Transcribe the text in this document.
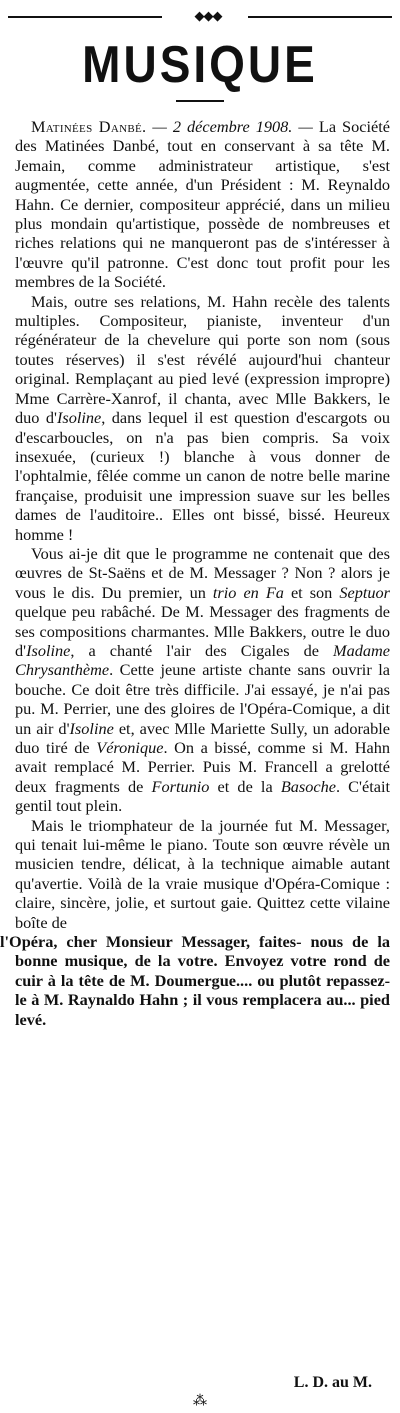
◆◆◆
MUSIQUE

Matinées Danbé. — 2 décembre 1908. — La Société des Matinées Danbé, tout en conservant à sa tête M. Jemain, comme administrateur artistique, s'est augmentée, cette année, d'un Président : M. Reynaldo Hahn. Ce dernier, compositeur apprécié, dans un milieu plus mondain qu'artistique, possède de nombreuses et riches relations qui ne manqueront pas de s'intéresser à l'œuvre qu'il patronne. C'est donc tout profit pour les membres de la Société.

Mais, outre ses relations, M. Hahn recèle des talents multiples. Compositeur, pianiste, inventeur d'un régénérateur de la chevelure qui porte son nom (sous toutes réserves) il s'est révélé aujourd'hui chanteur original. Remplaçant au pied levé (expression impropre) Mme Carrère-Xanrof, il chanta, avec Mlle Bakkers, le duo d'Isoline, dans lequel il est question d'escargots ou d'escarboucles, on n'a pas bien compris. Sa voix insexuée, (curieux !) blanche à vous donner de l'ophtalmie, fêlée comme un canon de notre belle marine française, produisit une impression suave sur les belles dames de l'auditoire.. Elles ont bissé, bissé. Heureux homme !

Vous ai-je dit que le programme ne contenait que des œuvres de St-Saëns et de M. Messager ? Non ? alors je vous le dis. Du premier, un trio en Fa et son Septuor quelque peu rabâché. De M. Messager des fragments de ses compositions charmantes. Mlle Bakkers, outre le duo d'Isoline, a chanté l'air des Cigales de Madame Chrysanthème. Cette jeune artiste chante sans ouvrir la bouche. Ce doit être très difficile. J'ai essayé, je n'ai pas pu. M. Perrier, une des gloires de l'Opéra-Comique, a dit un air d'Isoline et, avec Mlle Mariette Sully, un adorable duo tiré de Véronique. On a bissé, comme si M. Hahn avait remplacé M. Perrier. Puis M. Francell a grelotté deux fragments de Fortunio et de la Basoche. C'était gentil tout plein.

Mais le triomphateur de la journée fut M. Messager, qui tenait lui-même le piano. Toute son œuvre révèle un musicien tendre, délicat, à la technique aimable autant qu'avertie. Voilà de la vraie musique d'Opéra-Comique : claire, sincère, jolie, et surtout gaie. Quittez cette vilaine boîte de

l'Opéra, cher Monsieur Messager, faites- nous de la bonne musique, de la votre. Envoyez votre rond de cuir à la tête de M. Doumergue.... ou plutôt repassez-le à M. Raynaldo Hahn ; il vous remplacera au... pied levé.

L. D. au M.
⁂
